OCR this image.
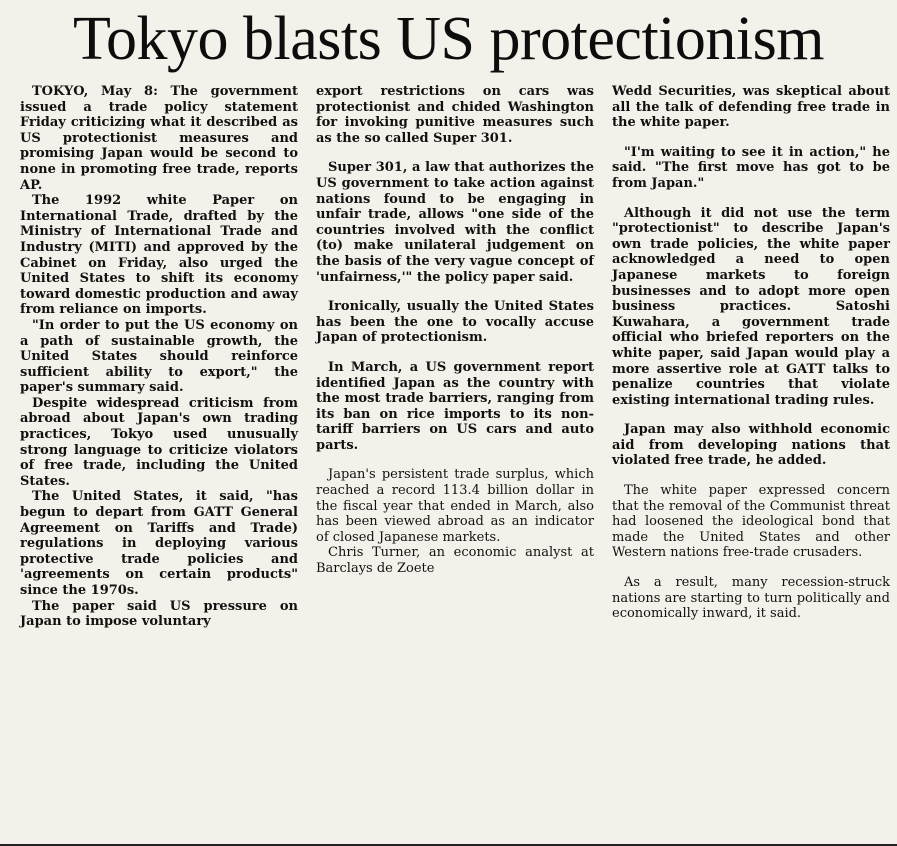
Tokyo blasts US protectionism

TOKYO, May 8: The government issued a trade policy statement Friday criticizing what it described as US protectionist measures and promising Japan would be second to none in promoting free trade, reports AP.

The 1992 white Paper on International Trade, drafted by the Ministry of International Trade and Industry (MITI) and approved by the Cabinet on Friday, also urged the United States to shift its economy toward domestic production and away from reliance on imports.

"In order to put the US economy on a path of sustainable growth, the United States should reinforce sufficient ability to export," the paper's summary said.

Despite widespread criticism from abroad about Japan's own trading practices, Tokyo used unusually strong language to criticize violators of free trade, including the United States.

The United States, it said, "has begun to depart from GATT General Agreement on Tariffs and Trade) regulations in deploying various protective trade policies and 'agreements on certain products" since the 1970s.

The paper said US pressure on Japan to impose voluntary

export restrictions on cars was protectionist and chided Washington for invoking punitive measures such as the so called Super 301.

Super 301, a law that authorizes the US government to take action against nations found to be engaging in unfair trade, allows "one side of the countries involved with the conflict (to) make unilateral judgement on the basis of the very vague concept of 'unfairness,'" the policy paper said.

Ironically, usually the United States has been the one to vocally accuse Japan of protectionism.

In March, a US government report identified Japan as the country with the most trade barriers, ranging from its ban on rice imports to its non-tariff barriers on US cars and auto parts.

Japan's persistent trade surplus, which reached a record 113.4 billion dollar in the fiscal year that ended in March, also has been viewed abroad as an indicator of closed Japanese markets.

Chris Turner, an economic analyst at Barclays de Zoete

Wedd Securities, was skeptical about all the talk of defending free trade in the white paper.

"I'm waiting to see it in action," he said. "The first move has got to be from Japan."

Although it did not use the term "protectionist" to describe Japan's own trade policies, the white paper acknowledged a need to open Japanese markets to foreign businesses and to adopt more open business practices. Satoshi Kuwahara, a government trade official who briefed reporters on the white paper, said Japan would play a more assertive role at GATT talks to penalize countries that violate existing international trading rules.

Japan may also withhold economic aid from developing nations that violated free trade, he added.

The white paper expressed concern that the removal of the Communist threat had loosened the ideological bond that made the United States and other Western nations free-trade crusaders.

As a result, many recession-struck nations are starting to turn politically and economically inward, it said.
